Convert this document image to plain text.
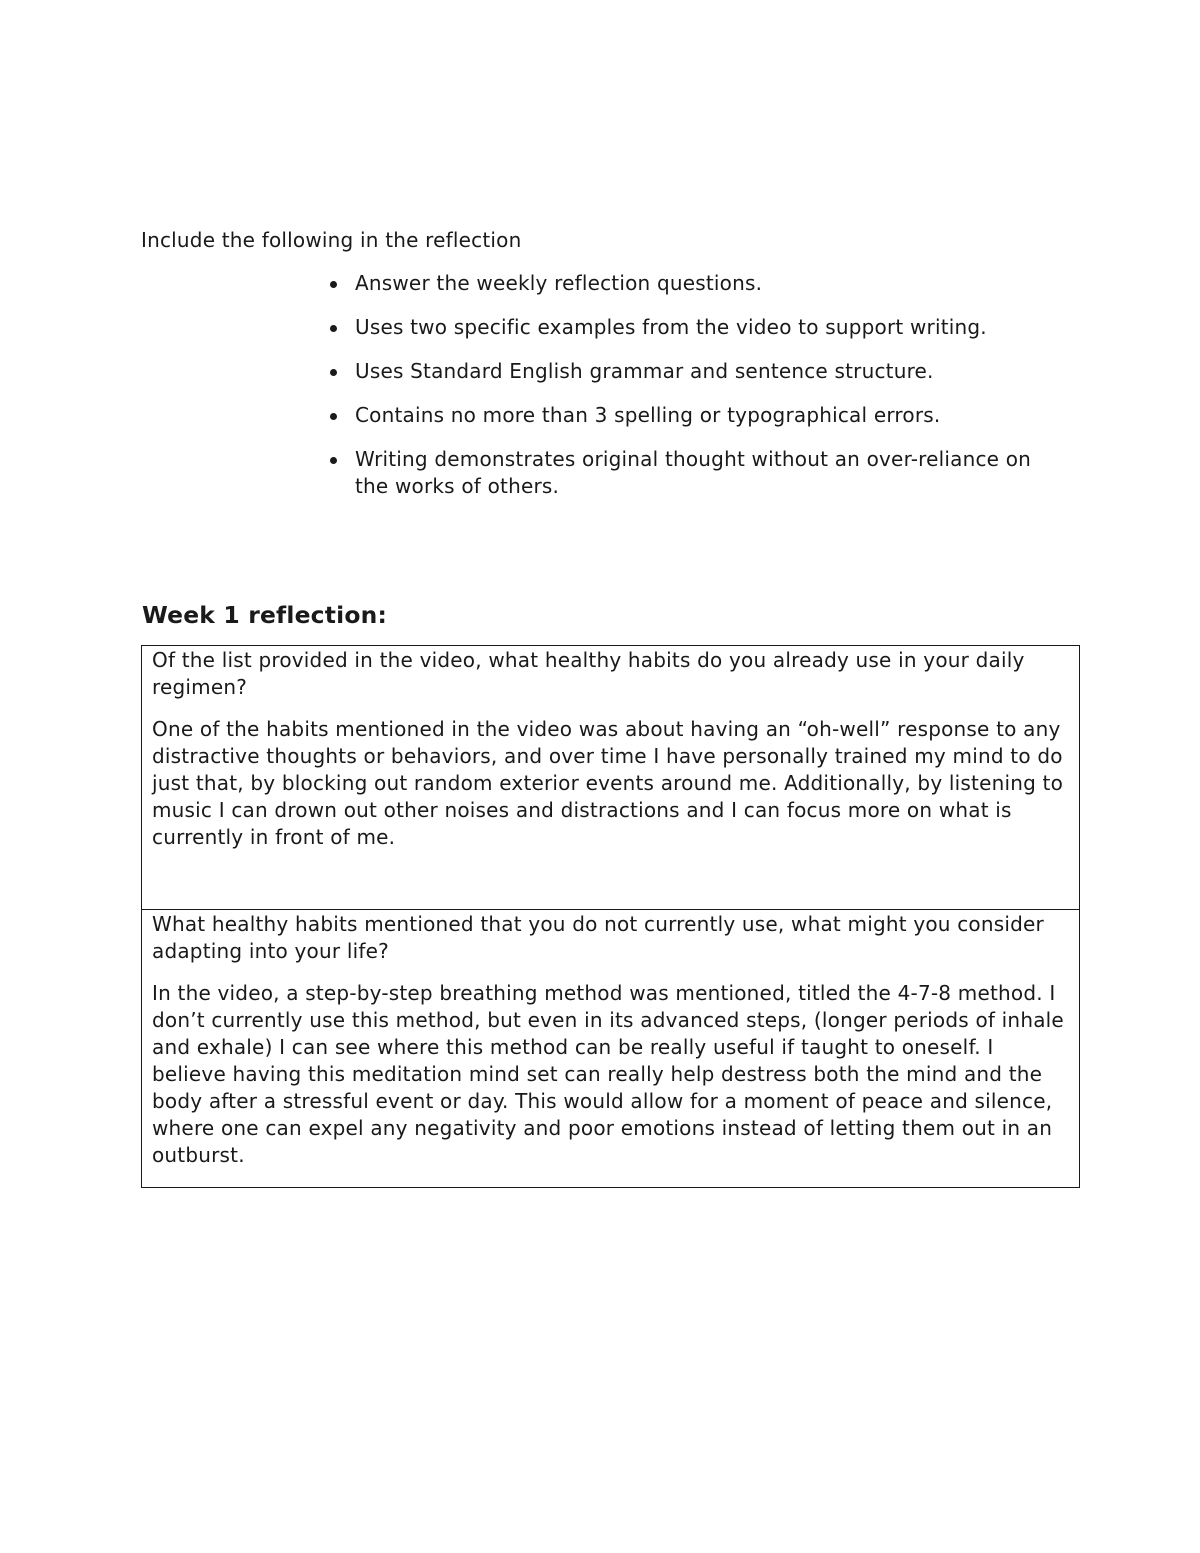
Include the following in the reflection

Answer the weekly reflection questions.
Uses two specific examples from the video to support writing.
Uses Standard English grammar and sentence structure.
Contains no more than 3 spelling or typographical errors.
Writing demonstrates original thought without an over-reliance on the works of others.
Week 1 reflection:

Of the list provided in the video, what healthy habits do you already use in your daily regimen?

One of the habits mentioned in the video was about having an “oh-well” response to any distractive thoughts or behaviors, and over time I have personally trained my mind to do just that, by blocking out random exterior events around me. Additionally, by listening to music I can drown out other noises and distractions and I can focus more on what is currently in front of me.

What healthy habits mentioned that you do not currently use, what might you consider adapting into your life?

In the video, a step-by-step breathing method was mentioned, titled the 4-7-8 method. I don’t currently use this method, but even in its advanced steps, (longer periods of inhale and exhale) I can see where this method can be really useful if taught to oneself. I believe having this meditation mind set can really help destress both the mind and the body after a stressful event or day. This would allow for a moment of peace and silence, where one can expel any negativity and poor emotions instead of letting them out in an outburst.
